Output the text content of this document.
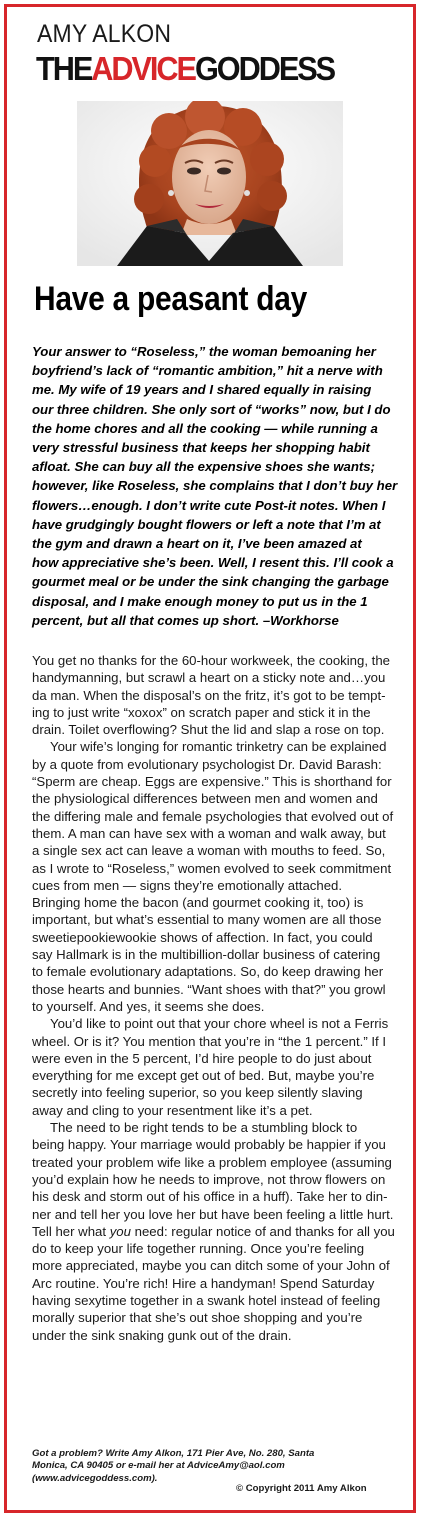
AMY ALKON
THEADVICEGODDESS
Have a peasant day
Your answer to “Roseless,” the woman bemoaning her
boyfriend’s lack of “romantic ambition,” hit a nerve with
me. My wife of 19 years and I shared equally in raising
our three children. She only sort of “works” now, but I do
the home chores and all the cooking — while running a
very stressful business that keeps her shopping habit
afloat. She can buy all the expensive shoes she wants;
however, like Roseless, she complains that I don’t buy her
flowers…enough. I don’t write cute Post-it notes. When I
have grudgingly bought flowers or left a note that I’m at
the gym and drawn a heart on it, I’ve been amazed at
how appreciative she’s been. Well, I resent this. I’ll cook a
gourmet meal or be under the sink changing the garbage
disposal, and I make enough money to put us in the 1
percent, but all that comes up short. –Workhorse
You get no thanks for the 60-hour workweek, the cooking, the
handymanning, but scrawl a heart on a sticky note and…you
da man. When the disposal’s on the fritz, it’s got to be tempt-
ing to just write “xoxox” on scratch paper and stick it in the
drain. Toilet overflowing? Shut the lid and slap a rose on top.
Your wife’s longing for romantic trinketry can be explained
by a quote from evolutionary psychologist Dr. David Barash:
“Sperm are cheap. Eggs are expensive.” This is shorthand for
the physiological differences between men and women and
the differing male and female psychologies that evolved out of
them. A man can have sex with a woman and walk away, but
a single sex act can leave a woman with mouths to feed. So,
as I wrote to “Roseless,” women evolved to seek commitment
cues from men — signs they’re emotionally attached.
Bringing home the bacon (and gourmet cooking it, too) is
important, but what’s essential to many women are all those
sweetiepookiewookie shows of affection. In fact, you could
say Hallmark is in the multibillion-dollar business of catering
to female evolutionary adaptations. So, do keep drawing her
those hearts and bunnies. “Want shoes with that?” you growl
to yourself. And yes, it seems she does.
You’d like to point out that your chore wheel is not a Ferris
wheel. Or is it? You mention that you’re in “the 1 percent.” If I
were even in the 5 percent, I’d hire people to do just about
everything for me except get out of bed. But, maybe you’re
secretly into feeling superior, so you keep silently slaving
away and cling to your resentment like it’s a pet.
The need to be right tends to be a stumbling block to
being happy. Your marriage would probably be happier if you
treated your problem wife like a problem employee (assuming
you’d explain how he needs to improve, not throw flowers on
his desk and storm out of his office in a huff). Take her to din-
ner and tell her you love her but have been feeling a little hurt.
Tell her what you need: regular notice of and thanks for all you
do to keep your life together running. Once you’re feeling
more appreciated, maybe you can ditch some of your John of
Arc routine. You’re rich! Hire a handyman! Spend Saturday
having sexytime together in a swank hotel instead of feeling
morally superior that she’s out shoe shopping and you’re
under the sink snaking gunk out of the drain.
Got a problem? Write Amy Alkon, 171 Pier Ave, No. 280, Santa
Monica, CA 90405 or e-mail her at AdviceAmy@aol.com
(www.advicegoddess.com).
© Copyright 2011 Amy Alkon
